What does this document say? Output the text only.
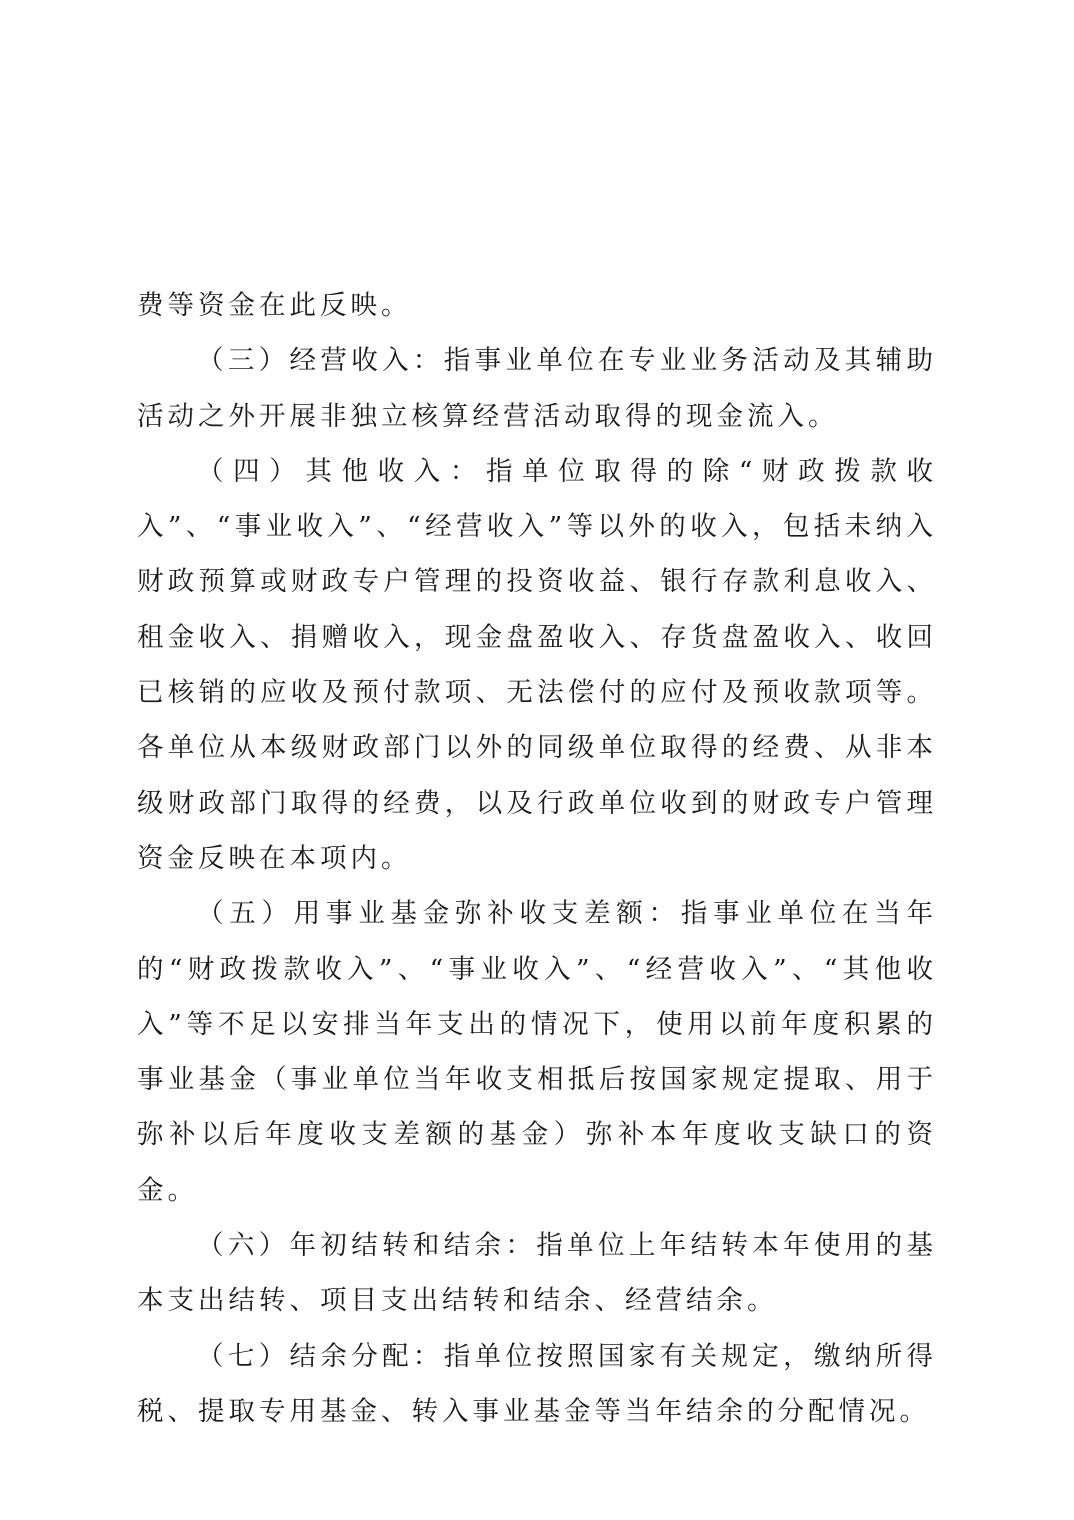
费等资金在此反映。

（三）经营收入：指事业单位在专业业务活动及其辅助活动之外开展非独立核算经营活动取得的现金流入。

（四）其他收入：指单位取得的除“财政拨款收入”、“事业收入”、“经营收入”等以外的收入，包括未纳入财政预算或财政专户管理的投资收益、银行存款利息收入、租金收入、捐赠收入，现金盘盈收入、存货盘盈收入、收回已核销的应收及预付款项、无法偿付的应付及预收款项等。各单位从本级财政部门以外的同级单位取得的经费、从非本级财政部门取得的经费，以及行政单位收到的财政专户管理资金反映在本项内。

（五）用事业基金弥补收支差额：指事业单位在当年的“财政拨款收入”、“事业收入”、“经营收入”、“其他收入”等不足以安排当年支出的情况下，使用以前年度积累的事业基金（事业单位当年收支相抵后按国家规定提取、用于弥补以后年度收支差额的基金）弥补本年度收支缺口的资金。

（六）年初结转和结余：指单位上年结转本年使用的基本支出结转、项目支出结转和结余、经营结余。

（七）结余分配：指单位按照国家有关规定，缴纳所得税、提取专用基金、转入事业基金等当年结余的分配情况。
